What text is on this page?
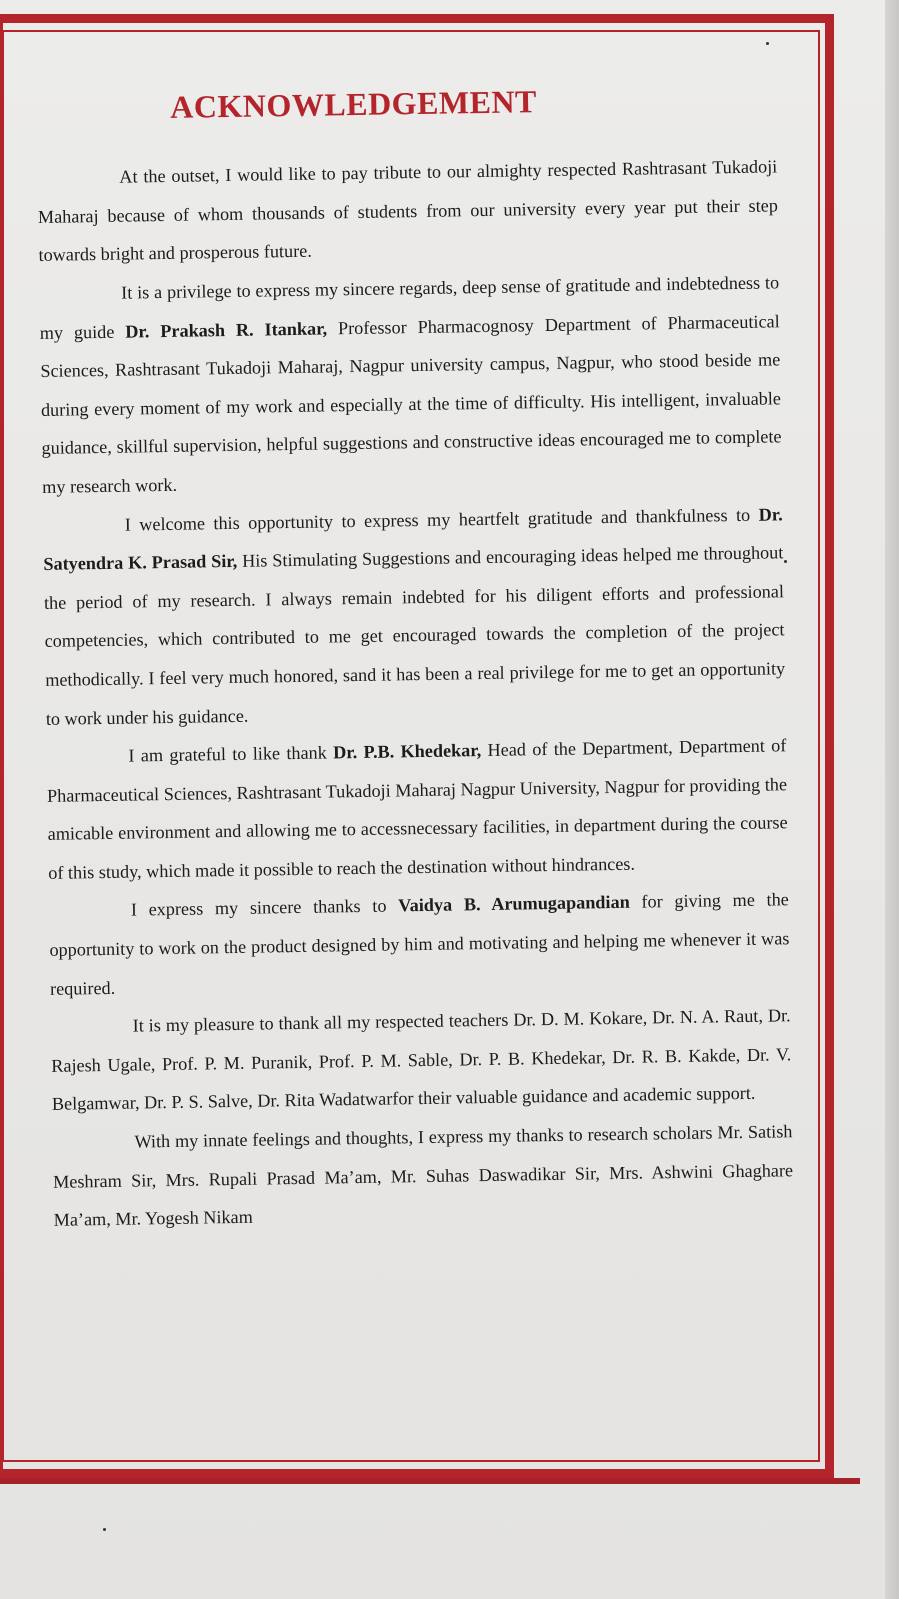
ACKNOWLEDGEMENT

At the outset, I would like to pay tribute to our almighty respected Rashtrasant Tukadoji Maharaj because of whom thousands of students from our university every year put their step towards bright and prosperous future.

It is a privilege to express my sincere regards, deep sense of gratitude and indebtedness to my guide Dr. Prakash R. Itankar, Professor Pharmacognosy Department of Pharmaceutical Sciences, Rashtrasant Tukadoji Maharaj, Nagpur university campus, Nagpur, who stood beside me during every moment of my work and especially at the time of difficulty. His intelligent, invaluable guidance, skillful supervision, helpful suggestions and constructive ideas encouraged me to complete my research work.

I welcome this opportunity to express my heartfelt gratitude and thankfulness to Dr. Satyendra K. Prasad Sir, His Stimulating Suggestions and encouraging ideas helped me throughout the period of my research. I always remain indebted for his diligent efforts and professional competencies, which contributed to me get encouraged towards the completion of the project methodically. I feel very much honored, sand it has been a real privilege for me to get an opportunity to work under his guidance.

I am grateful to like thank Dr. P.B. Khedekar, Head of the Department, Department of Pharmaceutical Sciences, Rashtrasant Tukadoji Maharaj Nagpur University, Nagpur for providing the amicable environment and allowing me to accessnecessary facilities, in department during the course of this study, which made it possible to reach the destination without hindrances.

I express my sincere thanks to Vaidya B. Arumugapandian for giving me the opportunity to work on the product designed by him and motivating and helping me whenever it was required.

It is my pleasure to thank all my respected teachers Dr. D. M. Kokare, Dr. N. A. Raut, Dr. Rajesh Ugale, Prof. P. M. Puranik, Prof. P. M. Sable, Dr. P. B. Khedekar, Dr. R. B. Kakde, Dr. V. Belgamwar, Dr. P. S. Salve, Dr. Rita Wadatwarfor their valuable guidance and academic support.

With my innate feelings and thoughts, I express my thanks to research scholars Mr. Satish Meshram Sir, Mrs. Rupali Prasad Ma’am, Mr. Suhas Daswadikar Sir, Mrs. Ashwini Ghaghare Ma’am, Mr. Yogesh Nikam
